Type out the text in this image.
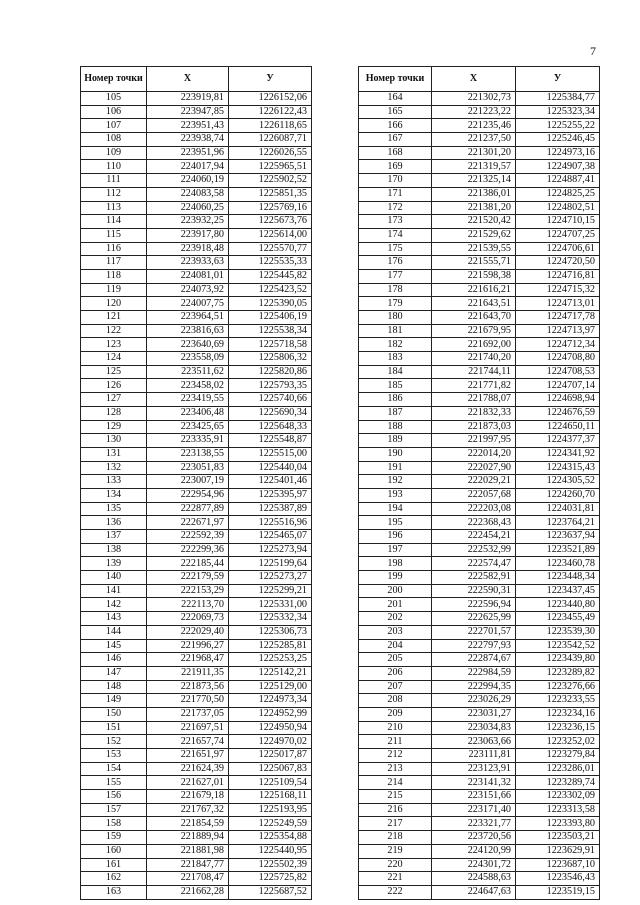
7
Номер точки	X	У
105	223919,81	1226152,06
106	223947,85	1226122,43
107	223951,43	1226118,65
108	223938,74	1226087,71
109	223951,96	1226026,55
110	224017,94	1225965,51
111	224060,19	1225902,52
112	224083,58	1225851,35
113	224060,25	1225769,16
114	223932,25	1225673,76
115	223917,80	1225614,00
116	223918,48	1225570,77
117	223933,63	1225535,33
118	224081,01	1225445,82
119	224073,92	1225423,52
120	224007,75	1225390,05
121	223964,51	1225406,19
122	223816,63	1225538,34
123	223640,69	1225718,58
124	223558,09	1225806,32
125	223511,62	1225820,86
126	223458,02	1225793,35
127	223419,55	1225740,66
128	223406,48	1225690,34
129	223425,65	1225648,33
130	223335,91	1225548,87
131	223138,55	1225515,00
132	223051,83	1225440,04
133	223007,19	1225401,46
134	222954,96	1225395,97
135	222877,89	1225387,89
136	222671,97	1225516,96
137	222592,39	1225465,07
138	222299,36	1225273,94
139	222185,44	1225199,64
140	222179,59	1225273,27
141	222153,29	1225299,21
142	222113,70	1225331,00
143	222069,73	1225332,34
144	222029,40	1225306,73
145	221996,27	1225285,81
146	221968,47	1225253,25
147	221911,35	1225142,21
148	221873,56	1225129,00
149	221770,50	1224973,34
150	221737,05	1224952,99
151	221697,51	1224950,94
152	221657,74	1224970,02
153	221651,97	1225017,87
154	221624,39	1225067,83
155	221627,01	1225109,54
156	221679,18	1225168,11
157	221767,32	1225193,95
158	221854,59	1225249,59
159	221889,94	1225354,88
160	221881,98	1225440,95
161	221847,77	1225502,39
162	221708,47	1225725,82
163	221662,28	1225687,52
Номер точки	X	У
164	221302,73	1225384,77
165	221223,22	1225323,34
166	221235,46	1225255,22
167	221237,50	1225246,45
168	221301,20	1224973,16
169	221319,57	1224907,38
170	221325,14	1224887,41
171	221386,01	1224825,25
172	221381,20	1224802,51
173	221520,42	1224710,15
174	221529,62	1224707,25
175	221539,55	1224706,61
176	221555,71	1224720,50
177	221598,38	1224716,81
178	221616,21	1224715,32
179	221643,51	1224713,01
180	221643,70	1224717,78
181	221679,95	1224713,97
182	221692,00	1224712,34
183	221740,20	1224708,80
184	221744,11	1224708,53
185	221771,82	1224707,14
186	221788,07	1224698,94
187	221832,33	1224676,59
188	221873,03	1224650,11
189	221997,95	1224377,37
190	222014,20	1224341,92
191	222027,90	1224315,43
192	222029,21	1224305,52
193	222057,68	1224260,70
194	222203,08	1224031,81
195	222368,43	1223764,21
196	222454,21	1223637,94
197	222532,99	1223521,89
198	222574,47	1223460,78
199	222582,91	1223448,34
200	222590,31	1223437,45
201	222596,94	1223440,80
202	222625,99	1223455,49
203	222701,57	1223539,30
204	222797,93	1223542,52
205	222874,67	1223439,80
206	222984,59	1223289,82
207	222994,35	1223276,66
208	223026,29	1223233,55
209	223031,27	1223234,16
210	223034,83	1223236,15
211	223063,66	1223252,02
212	223111,81	1223279,84
213	223123,91	1223286,01
214	223141,32	1223289,74
215	223151,66	1223302,09
216	223171,40	1223313,58
217	223321,77	1223393,80
218	223720,56	1223503,21
219	224120,99	1223629,91
220	224301,72	1223687,10
221	224588,63	1223546,43
222	224647,63	1223519,15
